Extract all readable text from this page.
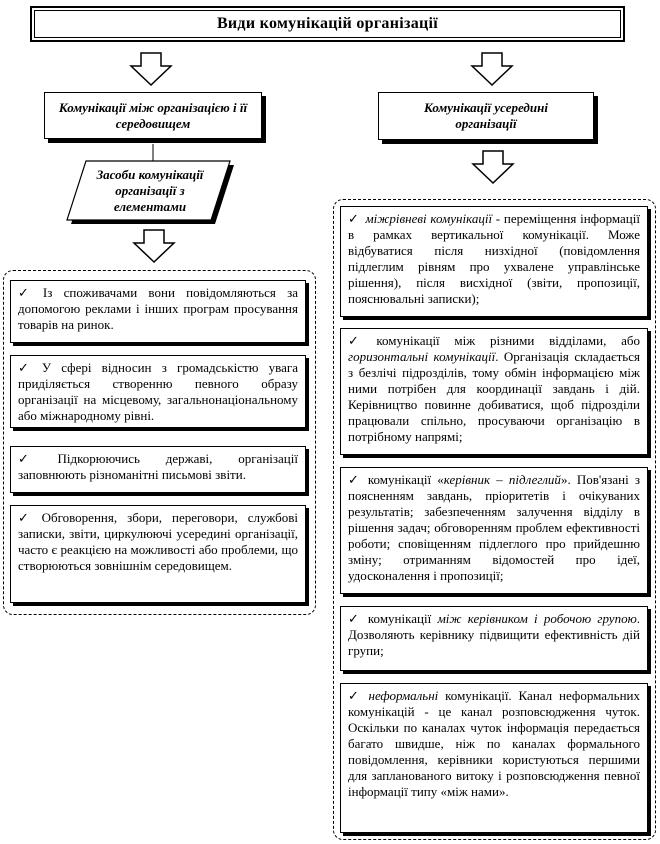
Види комунікацій організації
Комунікації між організацією і її середовищем
Комунікації усередині організації
Засоби комунікації організації з елементами
✓ Із споживачами вони повідомляються за допомогою реклами і інших програм просування товарів на ринок.
✓ У сфері відносин з громадськістю увага приділяється створенню певного образу організації на місцевому, загальнонаціональному або міжнародному рівні.
✓ Підкорюючись державі, організації заповнюють різноманітні письмові звіти.
✓ Обговорення, збори, переговори, службові записки, звіти, циркулюючі усередині організації, часто є реакцією на можливості або проблеми, що створюються зовнішнім середовищем.
✓ міжрівневі комунікації - переміщення інформації в рамках вертикальної комунікації. Може відбуватися після низхідної (повідомлення підлеглим рівням про ухвалене управлінське рішення), після висхідної (звіти, пропозиції, пояснювальні записки);
✓ комунікації між різними відділами, або горизонтальні комунікації. Організація складається з безлічі підрозділів, тому обмін інформацією між ними потрібен для координації завдань і дій. Керівництво повинне добиватися, щоб підрозділи працювали спільно, просуваючи організацію в потрібному напрямі;
✓ комунікації «керівник – підлеглий». Пов'язані з поясненням завдань, пріоритетів і очікуваних результатів; забезпеченням залучення відділу в рішення задач; обговоренням проблем ефективності роботи; сповіщенням підлеглого про прийдешню зміну; отриманням відомостей про ідеї, удосконалення і пропозиції;
✓ комунікації між керівником і робочою групою. Дозволяють керівнику підвищити ефективність дій групи;
✓ неформальні комунікації. Канал неформальних комунікацій - це канал розповсюдження чуток. Оскільки по каналах чуток інформація передається багато швидше, ніж по каналах формального повідомлення, керівники користуються першими для запланованого витоку і розповсюдження певної інформації типу «між нами».
